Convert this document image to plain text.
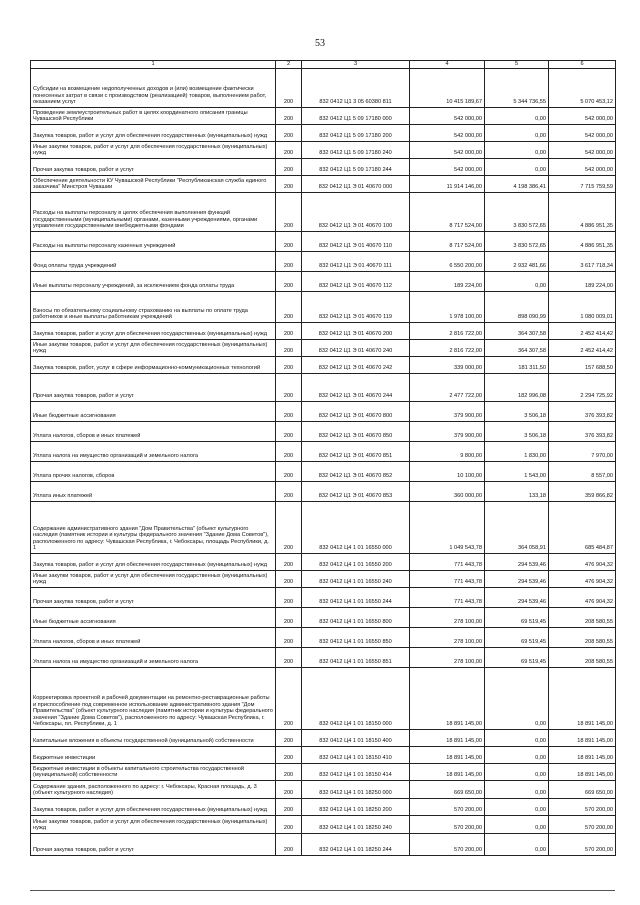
53
1	2	3	4	5	6
Субсидии на возмещение недополученных доходов и (или) возмещение фактически понесенных затрат в связи с производством (реализацией) товаров, выполнением работ, оказанием услуг	200	832 0412 Ц1 3 05 60380 811	10 415 189,67	5 344 736,55	5 070 453,12
Проведение землеустроительных работ в целях координатного описания границы Чувашской Республики	200	832 0412 Ц1 5 09 17180 000	542 000,00	0,00	542 000,00
Закупка товаров, работ и услуг для обеспечения государственных (муниципальных) нужд	200	832 0412 Ц1 5 09 17180 200	542 000,00	0,00	542 000,00
Иные закупки товаров, работ и услуг для обеспечения государственных (муниципальных) нужд	200	832 0412 Ц1 5 09 17180 240	542 000,00	0,00	542 000,00
Прочая закупка товаров, работ и услуг	200	832 0412 Ц1 5 09 17180 244	542 000,00	0,00	542 000,00
Обеспечение деятельности КУ Чувашской Республики "Республиканская служба единого заказчика" Минстроя Чувашии	200	832 0412 Ц1 Э 01 40670 000	11 914 146,00	4 198 386,41	7 715 759,59
Расходы на выплаты персоналу в целях обеспечения выполнения функций государственными (муниципальными) органами, казенными учреждениями, органами управления государственными внебюджетными фондами	200	832 0412 Ц1 Э 01 40670 100	8 717 524,00	3 830 572,65	4 886 951,35
Расходы на выплаты персоналу казенных учреждений	200	832 0412 Ц1 Э 01 40670 110	8 717 524,00	3 830 572,65	4 886 951,35
Фонд оплаты труда учреждений	200	832 0412 Ц1 Э 01 40670 111	6 550 200,00	2 932 481,66	3 617 718,34
Иные выплаты персоналу учреждений, за исключением фонда оплаты труда	200	832 0412 Ц1 Э 01 40670 112	189 224,00	0,00	189 224,00
Взносы по обязательному социальному страхованию на выплаты по оплате труда работников и иные выплаты работникам учреждений	200	832 0412 Ц1 Э 01 40670 119	1 978 100,00	898 090,99	1 080 009,01
Закупка товаров, работ и услуг для обеспечения государственных (муниципальных) нужд	200	832 0412 Ц1 Э 01 40670 200	2 816 722,00	364 307,58	2 452 414,42
Иные закупки товаров, работ и услуг для обеспечения государственных (муниципальных) нужд	200	832 0412 Ц1 Э 01 40670 240	2 816 722,00	364 307,58	2 452 414,42
Закупка товаров, работ, услуг в сфере информационно-коммуникационных технологий	200	832 0412 Ц1 Э 01 40670 242	339 000,00	181 311,50	157 688,50
Прочая закупка товаров, работ и услуг	200	832 0412 Ц1 Э 01 40670 244	2 477 722,00	182 996,08	2 294 725,92
Иные бюджетные ассигнования	200	832 0412 Ц1 Э 01 40670 800	379 900,00	3 506,18	376 393,82
Уплата налогов, сборов и иных платежей	200	832 0412 Ц1 Э 01 40670 850	379 900,00	3 506,18	376 393,82
Уплата налога на имущество организаций и земельного налога	200	832 0412 Ц1 Э 01 40670 851	9 800,00	1 830,00	7 970,00
Уплата прочих налогов, сборов	200	832 0412 Ц1 Э 01 40670 852	10 100,00	1 543,00	8 557,00
Уплата иных платежей	200	832 0412 Ц1 Э 01 40670 853	360 000,00	133,18	359 866,82
Содержание административного здания "Дом Правительства" (объект культурного наследия (памятник истории и культуры федерального значения "Здание Дома Советов"), расположенного по адресу: Чувашская Республика, г. Чебоксары, площадь Республики, д. 1	200	832 0412 Ц4 1 01 16550 000	1 049 543,78	364 058,91	685 484,87
Закупка товаров, работ и услуг для обеспечения государственных (муниципальных) нужд	200	832 0412 Ц4 1 01 16550 200	771 443,78	294 539,46	476 904,32
Иные закупки товаров, работ и услуг для обеспечения государственных (муниципальных) нужд	200	832 0412 Ц4 1 01 16550 240	771 443,78	294 539,46	476 904,32
Прочая закупка товаров, работ и услуг	200	832 0412 Ц4 1 01 16550 244	771 443,78	294 539,46	476 904,32
Иные бюджетные ассигнования	200	832 0412 Ц4 1 01 16550 800	278 100,00	69 519,45	208 580,55
Уплата налогов, сборов и иных платежей	200	832 0412 Ц4 1 01 16550 850	278 100,00	69 519,45	208 580,55
Уплата налога на имущество организаций и земельного налога	200	832 0412 Ц4 1 01 16550 851	278 100,00	69 519,45	208 580,55
Корректировка проектной и рабочей документации на ремонтно-реставрационные работы и приспособление под современное использование административного здания "Дом Правительства" (объект культурного наследия (памятник истории и культуры федерального значения "Здание Дома Советов"), расположенного по адресу: Чувашская Республика, г. Чебоксары, пл. Республики, д. 1	200	832 0412 Ц4 1 01 18150 000	18 891 145,00	0,00	18 891 145,00
Капитальные вложения в объекты государственной (муниципальной) собственности	200	832 0412 Ц4 1 01 18150 400	18 891 145,00	0,00	18 891 145,00
Бюджетные инвестиции	200	832 0412 Ц4 1 01 18150 410	18 891 145,00	0,00	18 891 145,00
Бюджетные инвестиции в объекты капитального строительства государственной (муниципальной) собственности	200	832 0412 Ц4 1 01 18150 414	18 891 145,00	0,00	18 891 145,00
Содержание здания, расположенного по адресу: г. Чебоксары, Красная площадь, д. 3 (объект культурного наследия)	200	832 0412 Ц4 1 01 18250 000	669 650,00	0,00	669 650,00
Закупка товаров, работ и услуг для обеспечения государственных (муниципальных) нужд	200	832 0412 Ц4 1 01 18250 200	570 200,00	0,00	570 200,00
Иные закупки товаров, работ и услуг для обеспечения государственных (муниципальных) нужд	200	832 0412 Ц4 1 01 18250 240	570 200,00	0,00	570 200,00
Прочая закупка товаров, работ и услуг	200	832 0412 Ц4 1 01 18250 244	570 200,00	0,00	570 200,00
